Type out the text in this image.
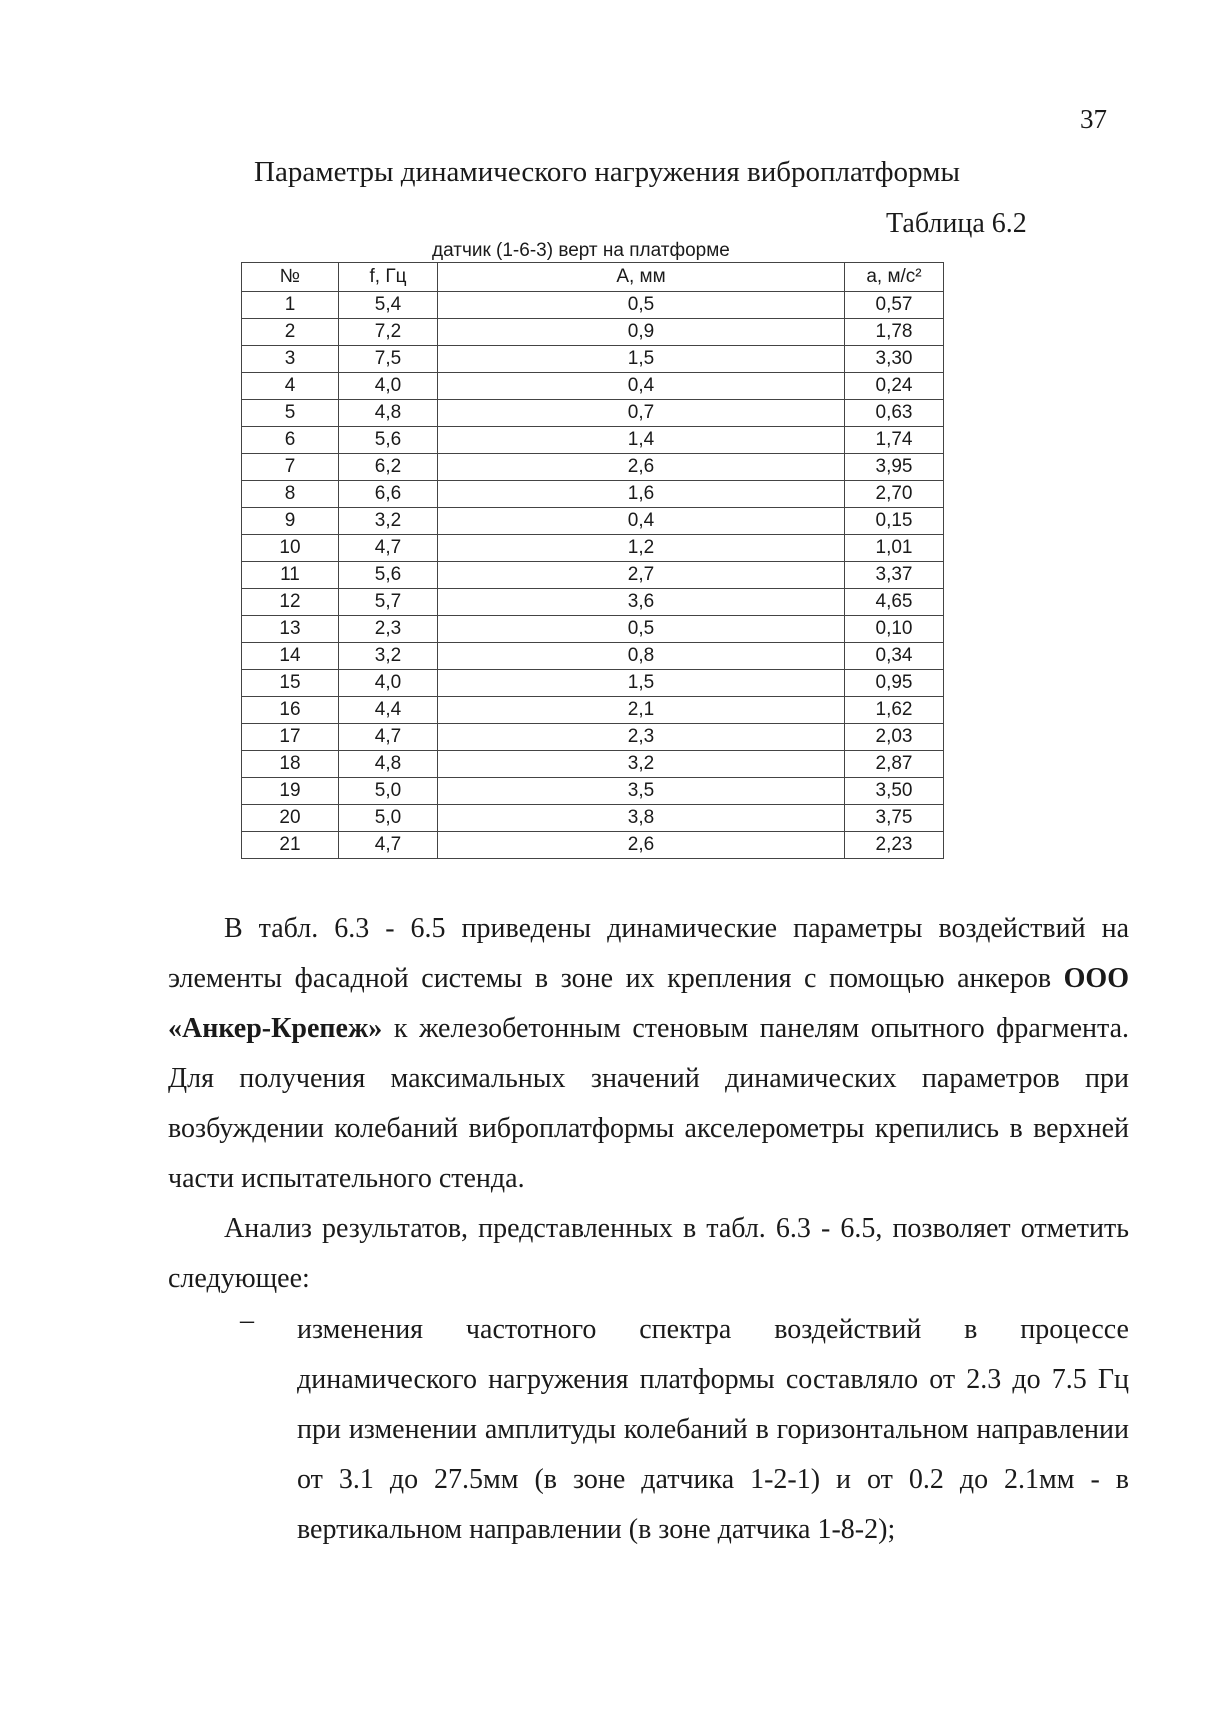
37
Параметры динамического нагружения виброплатформы
Таблица 6.2
датчик (1-6-3) верт на платформе
№	f, Гц	A, мм	a, м/с²
1	5,4	0,5	0,57
2	7,2	0,9	1,78
3	7,5	1,5	3,30
4	4,0	0,4	0,24
5	4,8	0,7	0,63
6	5,6	1,4	1,74
7	6,2	2,6	3,95
8	6,6	1,6	2,70
9	3,2	0,4	0,15
10	4,7	1,2	1,01
11	5,6	2,7	3,37
12	5,7	3,6	4,65
13	2,3	0,5	0,10
14	3,2	0,8	0,34
15	4,0	1,5	0,95
16	4,4	2,1	1,62
17	4,7	2,3	2,03
18	4,8	3,2	2,87
19	5,0	3,5	3,50
20	5,0	3,8	3,75
21	4,7	2,6	2,23
В табл. 6.3 - 6.5 приведены динамические параметры воздействий на элементы фасадной системы в зоне их крепления с помощью анкеров ООО «Анкер-Крепеж» к железобетонным стеновым панелям опытного фрагмента. Для получения максимальных значений динамических параметров при возбуждении колебаний виброплатформы акселерометры крепились в верхней части испытательного стенда.
Анализ результатов, представленных в табл. 6.3 - 6.5, позволяет отметить следующее:
– изменения частотного спектра воздействий в процессе динамического нагружения платформы составляло от 2.3 до 7.5 Гц при изменении амплитуды колебаний в горизонтальном направлении от 3.1 до 27.5мм (в зоне датчика 1-2-1) и от 0.2 до 2.1мм - в вертикальном направлении (в зоне датчика 1-8-2);
